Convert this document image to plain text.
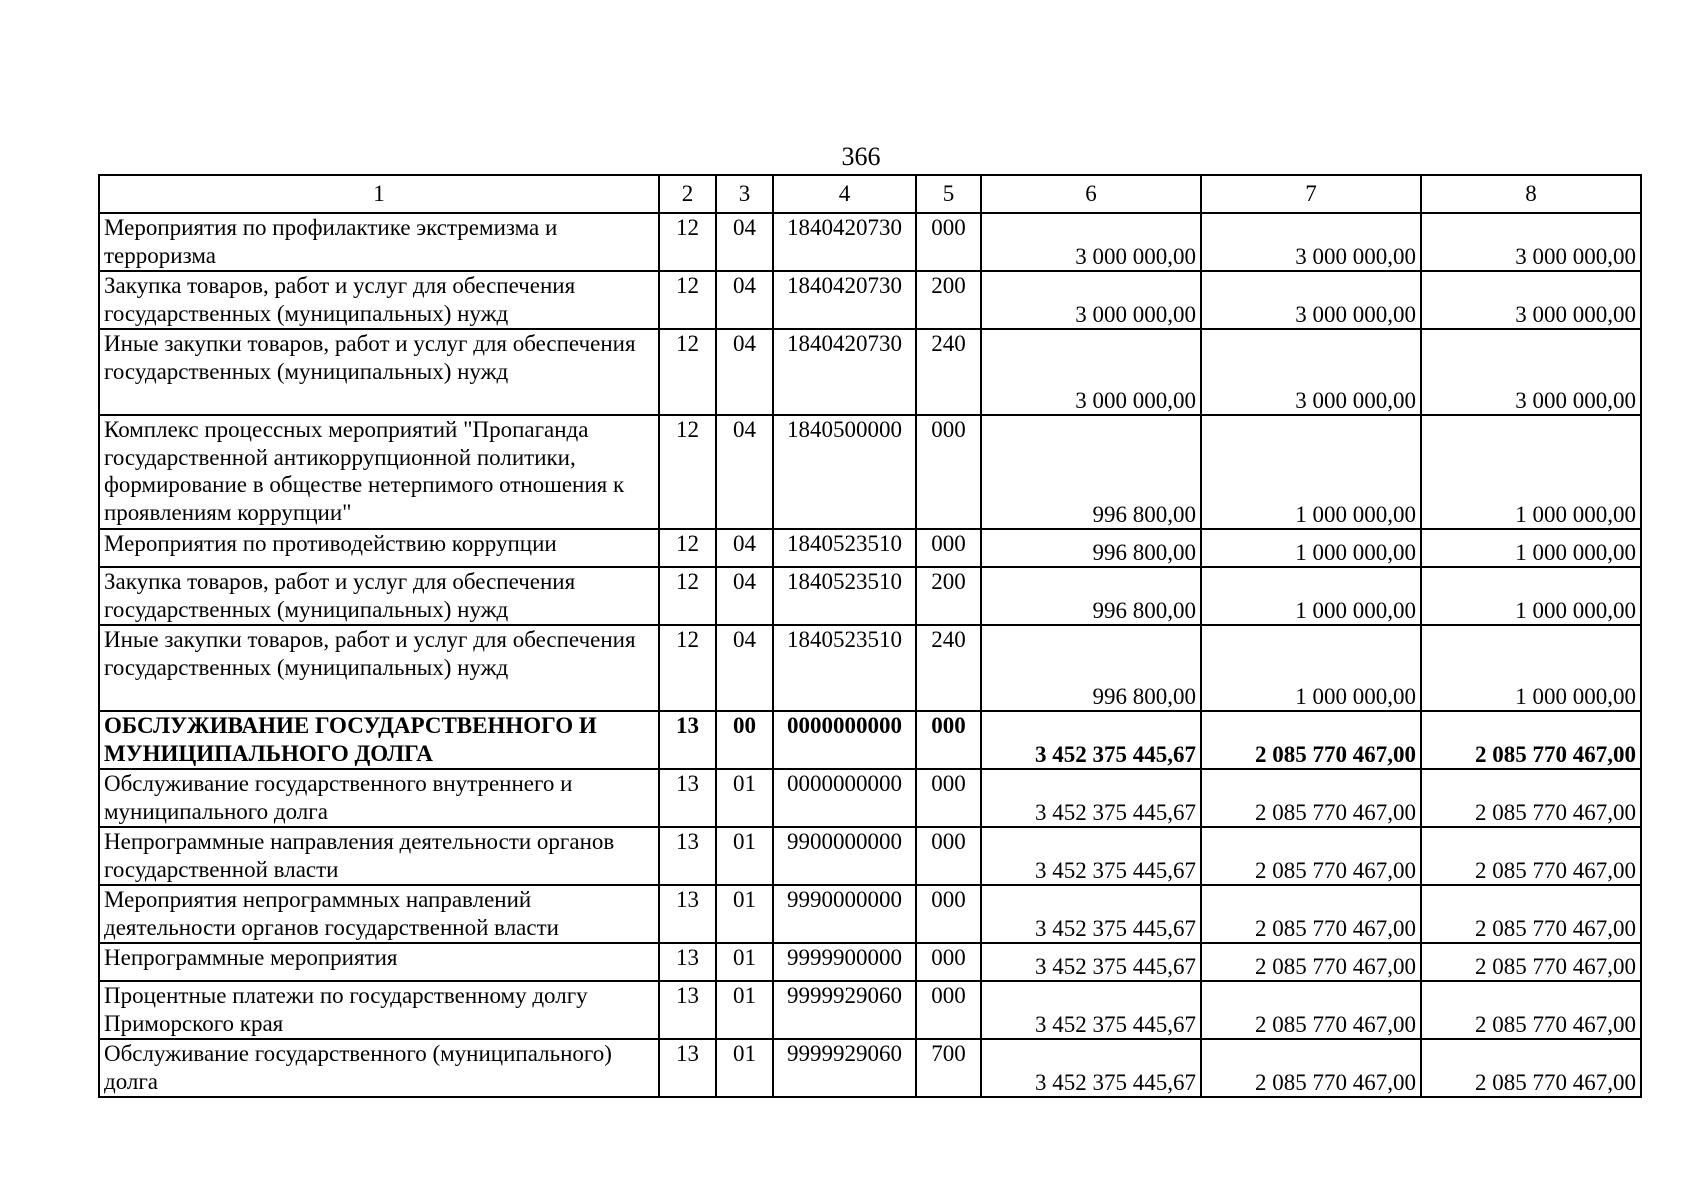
366
1	2	3	4	5	6	7	8
Мероприятия по профилактике экстремизма и терроризма	12	04	1840420730	000	3 000 000,00	3 000 000,00	3 000 000,00
Закупка товаров, работ и услуг для обеспечения государственных (муниципальных) нужд	12	04	1840420730	200	3 000 000,00	3 000 000,00	3 000 000,00
Иные закупки товаров, работ и услуг для обеспечения государственных (муниципальных) нужд	12	04	1840420730	240	3 000 000,00	3 000 000,00	3 000 000,00
Комплекс процессных мероприятий "Пропаганда государственной антикоррупционной политики, формирование в обществе нетерпимого отношения к проявлениям коррупции"	12	04	1840500000	000	996 800,00	1 000 000,00	1 000 000,00
Мероприятия по противодействию коррупции	12	04	1840523510	000	996 800,00	1 000 000,00	1 000 000,00
Закупка товаров, работ и услуг для обеспечения государственных (муниципальных) нужд	12	04	1840523510	200	996 800,00	1 000 000,00	1 000 000,00
Иные закупки товаров, работ и услуг для обеспечения государственных (муниципальных) нужд	12	04	1840523510	240	996 800,00	1 000 000,00	1 000 000,00
ОБСЛУЖИВАНИЕ ГОСУДАРСТВЕННОГО И МУНИЦИПАЛЬНОГО ДОЛГА	13	00	0000000000	000	3 452 375 445,67	2 085 770 467,00	2 085 770 467,00
Обслуживание государственного внутреннего и муниципального долга	13	01	0000000000	000	3 452 375 445,67	2 085 770 467,00	2 085 770 467,00
Непрограммные направления деятельности органов государственной власти	13	01	9900000000	000	3 452 375 445,67	2 085 770 467,00	2 085 770 467,00
Мероприятия непрограммных направлений деятельности органов государственной власти	13	01	9990000000	000	3 452 375 445,67	2 085 770 467,00	2 085 770 467,00
Непрограммные мероприятия	13	01	9999900000	000	3 452 375 445,67	2 085 770 467,00	2 085 770 467,00
Процентные платежи по государственному долгу Приморского края	13	01	9999929060	000	3 452 375 445,67	2 085 770 467,00	2 085 770 467,00
Обслуживание государственного (муниципального) долга	13	01	9999929060	700	3 452 375 445,67	2 085 770 467,00	2 085 770 467,00
